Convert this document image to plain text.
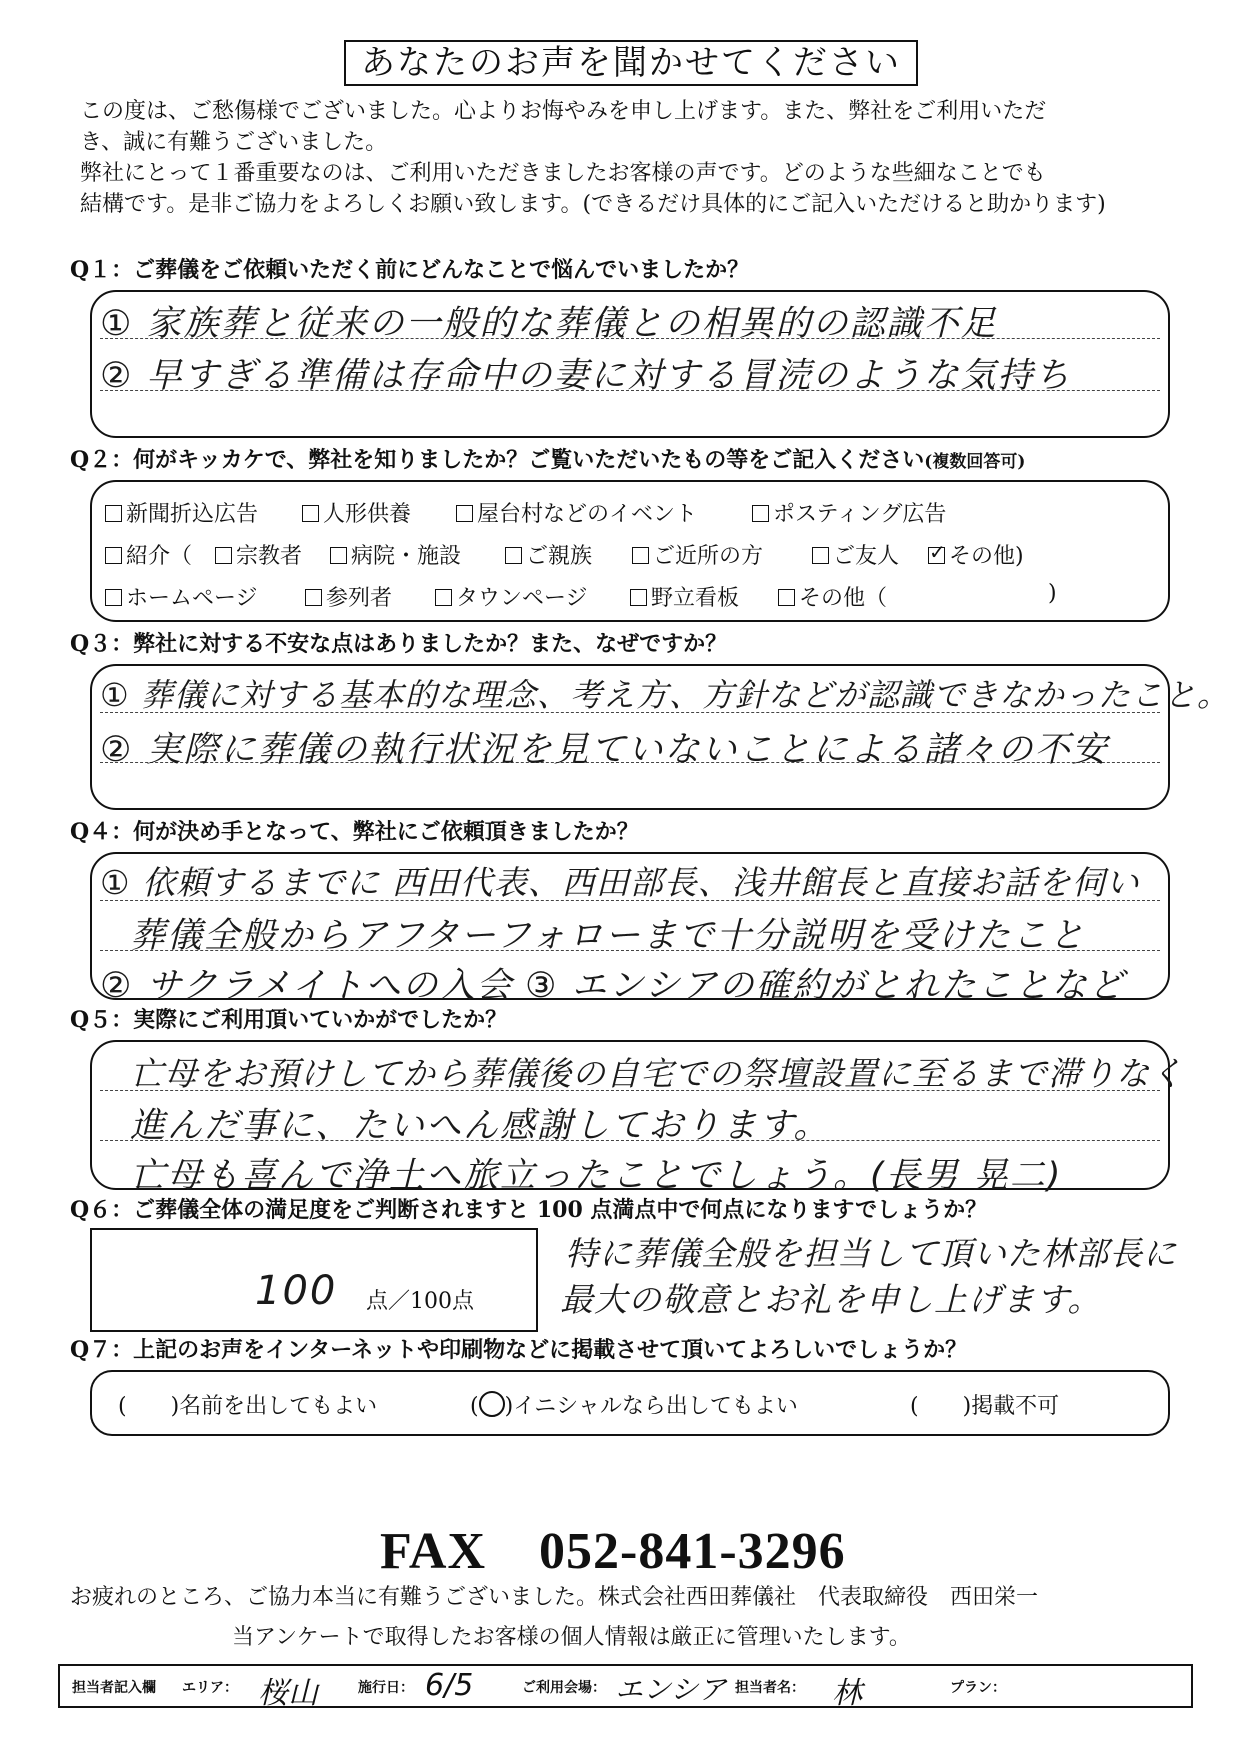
あなたのお声を聞かせてください
この度は、ご愁傷様でございました。心よりお悔やみを申し上げます。また、弊社をご利用いただ
き、誠に有難うございました。
弊社にとって１番重要なのは、ご利用いただきましたお客様の声です。どのような些細なことでも
結構です。是非ご協力をよろしくお願い致します。(できるだけ具体的にご記入いただけると助かります)
Q１：ご葬儀をご依頼いただく前にどんなことで悩んでいましたか？
① 家族葬と従来の一般的な葬儀との相異的の認識不足
② 早すぎる準備は存命中の妻に対する冒涜のような気持ち
Q２：何がキッカケで、弊社を知りましたか？ご覧いただいたもの等をご記入ください(複数回答可)
新聞折込広告	人形供養	屋台村などのイベント	ポスティング広告
紹介（	宗教者	病院・施設	ご親族	ご近所の方	ご友人
✓	その他)
ホームページ	参列者	タウンページ	野立看板	その他（	)
Q３：弊社に対する不安な点はありましたか？また、なぜですか？
① 葬儀に対する基本的な理念、考え方、方針などが認識できなかったこと。
② 実際に葬儀の執行状況を見ていないことによる諸々の不安
Q４：何が決め手となって、弊社にご依頼頂きましたか？
① 依頼するまでに 西田代表、西田部長、浅井館長と直接お話を伺い
葬儀全般からアフターフォローまで十分説明を受けたこと
② サクラメイトへの入会 ③ エンシアの確約がとれたことなど
Q５：実際にご利用頂いていかがでしたか？
亡母をお預けしてから葬儀後の自宅での祭壇設置に至るまで滞りなく
進んだ事に、たいへん感謝しております。
亡母も喜んで浄土へ旅立ったことでしょう。(長男 晃二)
Q６：ご葬儀全体の満足度をご判断されますと 100 点満点中で何点になりますでしょうか？
100 点／100点
特に葬儀全般を担当して頂いた林部長に
最大の敬意とお礼を申し上げます。
Q７：上記のお声をインターネットや印刷物などに掲載させて頂いてよろしいでしょうか？
(　　)名前を出してもよい	( )イニシャルなら出してもよい	(　　)掲載不可
FAX　052-841-3296
お疲れのところ、ご協力本当に有難うございました。株式会社西田葬儀社　代表取締役　西田栄一
当アンケートで取得したお客様の個人情報は厳正に管理いたします。
担当者記入欄 エリア： 桜山	施行日： 6/5	ご利用会場： エンシア 担当者名： 林	プラン：
